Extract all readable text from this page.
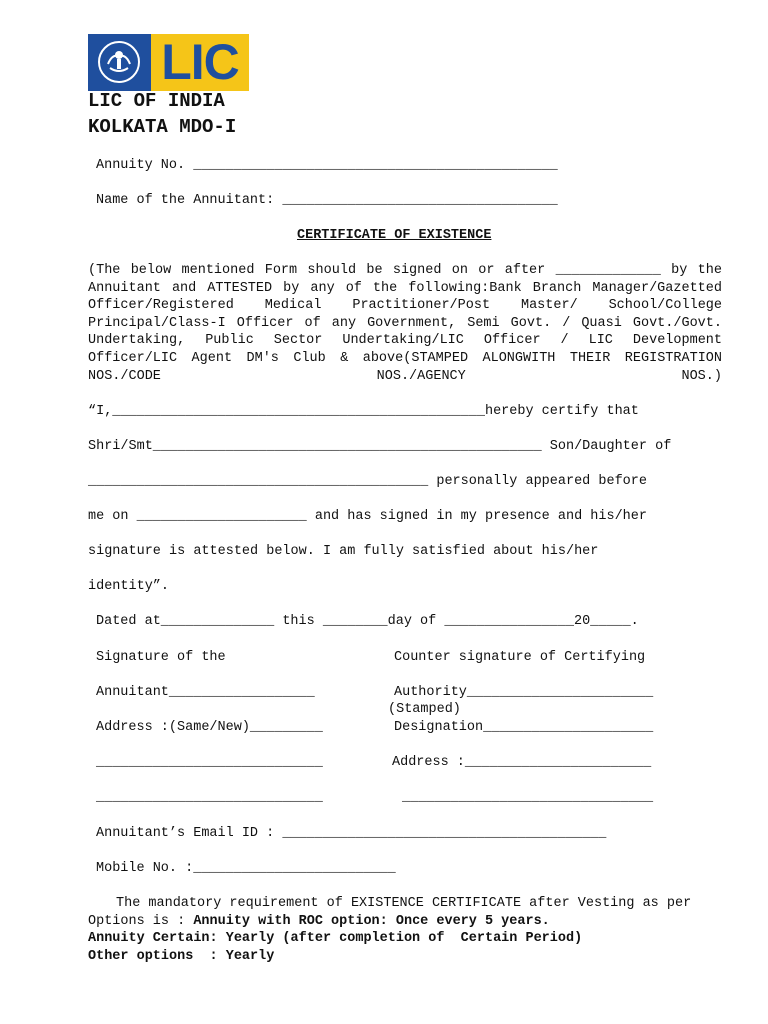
LIC
LIC OF INDIA
KOLKATA MDO-I
Annuity No. _____________________________________________
Name of the Annuitant: __________________________________
CERTIFICATE OF EXISTENCE
(The below mentioned Form should be signed on or after _____________ by the Annuitant and ATTESTED by any of the following:Bank Branch Manager/Gazetted Officer/Registered Medical Practitioner/Post Master/ School/College Principal/Class-I Officer of any Government, Semi Govt. / Quasi Govt./Govt. Undertaking, Public Sector Undertaking/LIC Officer / LIC Development Officer/LIC Agent DM's Club & above(STAMPED ALONGWITH THEIR REGISTRATION NOS./CODE NOS./AGENCY NOS.)
“I,______________________________________________hereby certify that
Shri/Smt________________________________________________ Son/Daughter of
__________________________________________ personally appeared before
me on _____________________ and has signed in my presence and his/her
signature is attested below. I am fully satisfied about his/her
identity”.
Dated at______________ this ________day of ________________20_____.
Signature of the
Annuitant__________________
Address :(Same/New)_________
____________________________
____________________________
Counter signature of Certifying
Authority_______________________
(Stamped)
Designation_____________________
Address :_______________________
_______________________________
Annuitant’s Email ID : ________________________________________
Mobile No. :_________________________
The mandatory requirement of EXISTENCE CERTIFICATE after Vesting as per Options is : Annuity with ROC option: Once every 5 years.
Annuity Certain: Yearly (after completion of  Certain Period)
Other options  : Yearly
